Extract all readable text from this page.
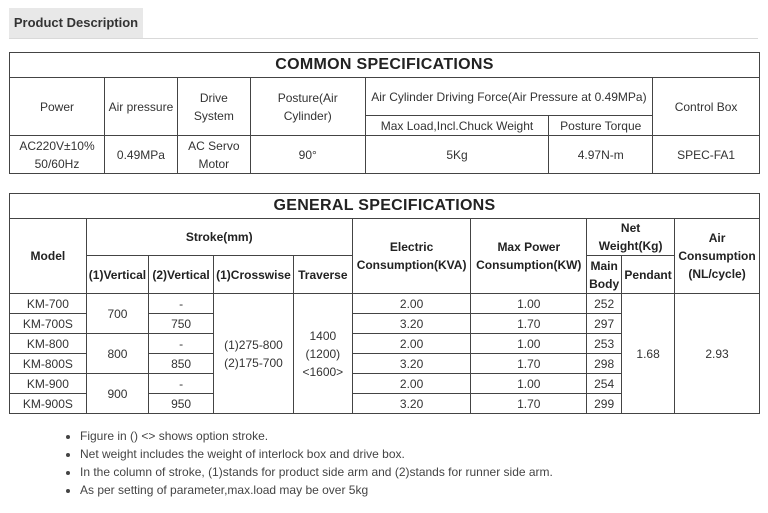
Product Description
COMMON SPECIFICATIONS						
Power	Air pressure	Drive System	Posture(Air Cylinder)	Air Cylinder Driving Force(Air Pressure at 0.49MPa)		Control Box
				Max Load,Incl.Chuck Weight	Posture Torque	
AC220V±10% 50/60Hz	0.49MPa	AC Servo Motor	90°	5Kg	4.97N-m	SPEC-FA1
GENERAL SPECIFICATIONS									
Model	Stroke(mm)				Electric Consumption(KVA)	Max Power Consumption(KW)	Net Weight(Kg)		Air Consumption (NL/cycle)
	(1)Vertical	(2)Vertical	(1)Crosswise	Traverse			Main Body	Pendant	
KM-700	700	-	(1)275-800 (2)175-700	1400 (1200) <1600>	2.00	1.00	252	1.68	2.93
KM-700S		750			3.20	1.70	297		
KM-800	800	-			2.00	1.00	253		
KM-800S		850			3.20	1.70	298		
KM-900	900	-			2.00	1.00	254		
KM-900S		950			3.20	1.70	299		
• Figure in () <> shows option stroke.
• Net weight includes the weight of interlock box and drive box.
• In the column of stroke, (1)stands for product side arm and (2)stands for runner side arm.
• As per setting of parameter,max.load may be over 5kg
